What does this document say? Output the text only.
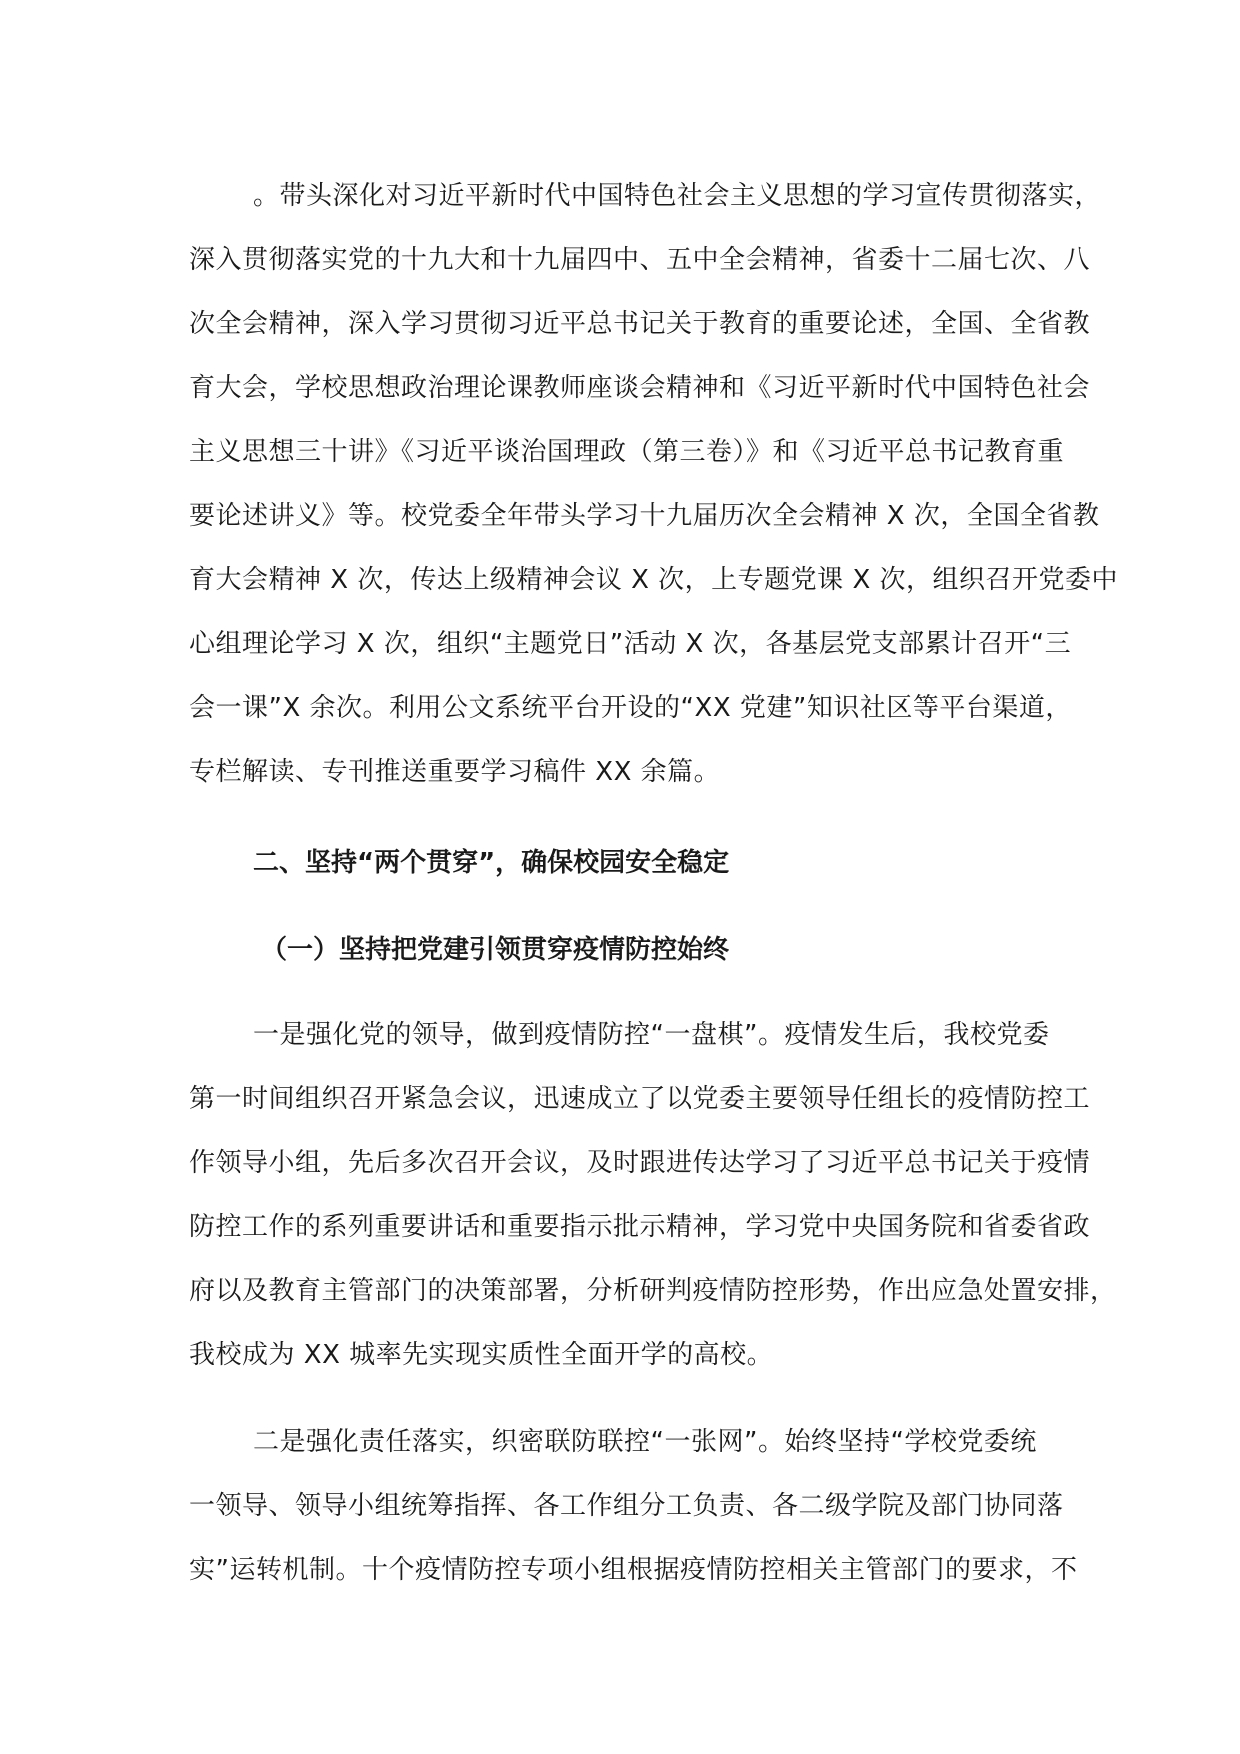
。带头深化对习近平新时代中国特色社会主义思想的学习宣传贯彻落实，
深入贯彻落实党的十九大和十九届四中、五中全会精神，省委十二届七次、八
次全会精神，深入学习贯彻习近平总书记关于教育的重要论述，全国、全省教
育大会，学校思想政治理论课教师座谈会精神和《习近平新时代中国特色社会
主义思想三十讲》《习近平谈治国理政（第三卷）》和《习近平总书记教育重
要论述讲义》等。校党委全年带头学习十九届历次全会精神 X 次，全国全省教
育大会精神 X 次，传达上级精神会议 X 次，上专题党课 X 次，组织召开党委中
心组理论学习 X 次，组织“主题党日”活动 X 次，各基层党支部累计召开“三
会一课”X 余次。利用公文系统平台开设的“XX 党建”知识社区等平台渠道，
专栏解读、专刊推送重要学习稿件 XX 余篇。
二、坚持“两个贯穿”，确保校园安全稳定
（一）坚持把党建引领贯穿疫情防控始终
一是强化党的领导，做到疫情防控“一盘棋”。疫情发生后，我校党委
第一时间组织召开紧急会议，迅速成立了以党委主要领导任组长的疫情防控工
作领导小组，先后多次召开会议，及时跟进传达学习了习近平总书记关于疫情
防控工作的系列重要讲话和重要指示批示精神，学习党中央国务院和省委省政
府以及教育主管部门的决策部署，分析研判疫情防控形势，作出应急处置安排，
我校成为 XX 城率先实现实质性全面开学的高校。
二是强化责任落实，织密联防联控“一张网”。始终坚持“学校党委统
一领导、领导小组统筹指挥、各工作组分工负责、各二级学院及部门协同落
实”运转机制。十个疫情防控专项小组根据疫情防控相关主管部门的要求，不
